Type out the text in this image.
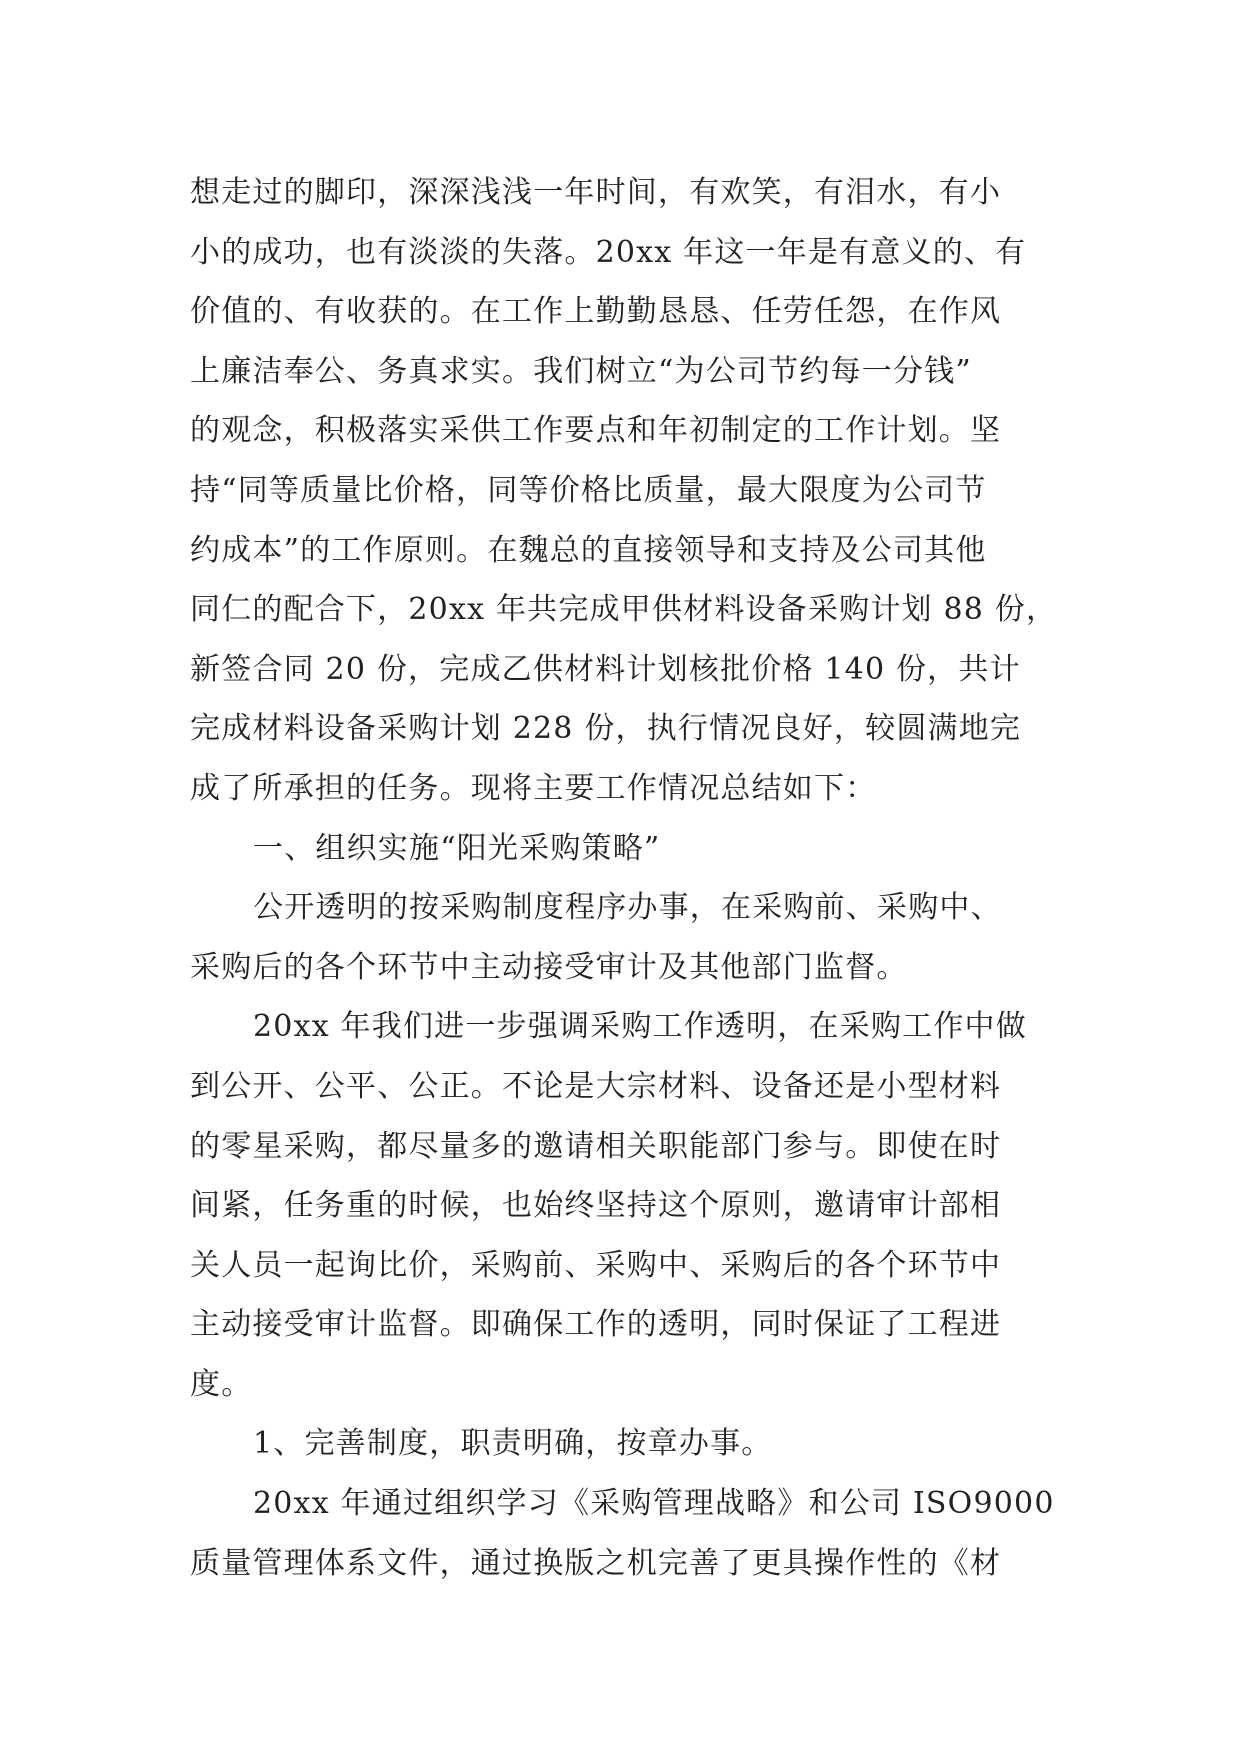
想走过的脚印，深深浅浅一年时间，有欢笑，有泪水，有小

小的成功，也有淡淡的失落。20xx 年这一年是有意义的、有

价值的、有收获的。在工作上勤勤恳恳、任劳任怨，在作风

上廉洁奉公、务真求实。我们树立“为公司节约每一分钱”

的观念，积极落实采供工作要点和年初制定的工作计划。坚

持“同等质量比价格，同等价格比质量，最大限度为公司节

约成本”的工作原则。在魏总的直接领导和支持及公司其他

同仁的配合下，20xx 年共完成甲供材料设备采购计划 88 份，

新签合同 20 份，完成乙供材料计划核批价格 140 份，共计

完成材料设备采购计划 228 份，执行情况良好，较圆满地完

成了所承担的任务。现将主要工作情况总结如下：

一、组织实施“阳光采购策略”

公开透明的按采购制度程序办事，在采购前、采购中、

采购后的各个环节中主动接受审计及其他部门监督。

20xx 年我们进一步强调采购工作透明，在采购工作中做

到公开、公平、公正。不论是大宗材料、设备还是小型材料

的零星采购，都尽量多的邀请相关职能部门参与。即使在时

间紧，任务重的时候，也始终坚持这个原则，邀请审计部相

关人员一起询比价，采购前、采购中、采购后的各个环节中

主动接受审计监督。即确保工作的透明，同时保证了工程进

度。

1、完善制度，职责明确，按章办事。

20xx 年通过组织学习《采购管理战略》和公司 ISO9000

质量管理体系文件，通过换版之机完善了更具操作性的《材
